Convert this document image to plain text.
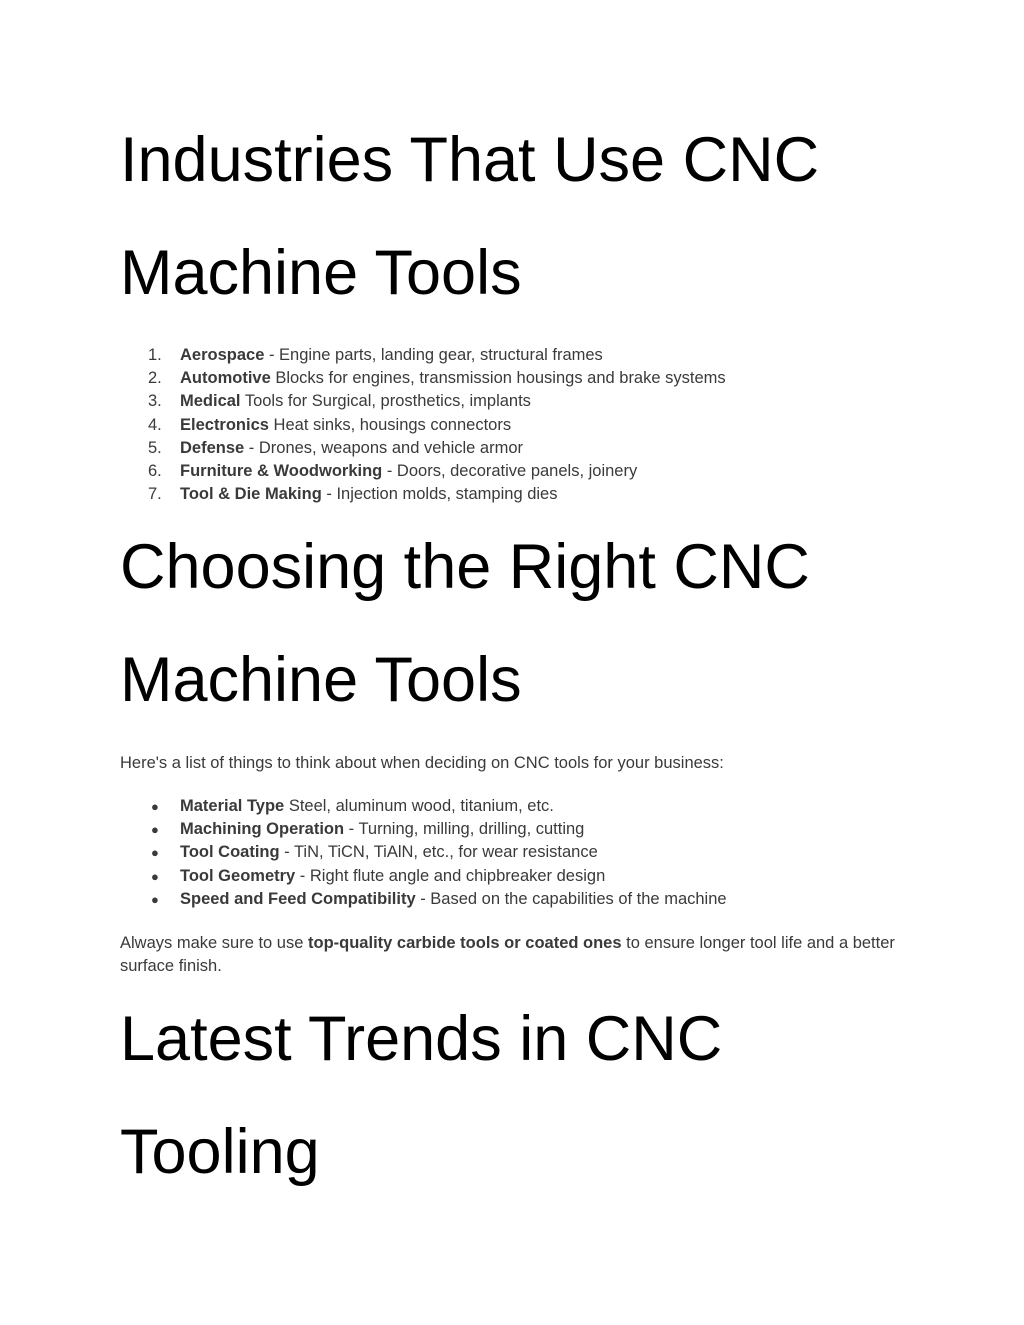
Industries That Use CNC
Machine Tools
1.	Aerospace - Engine parts, landing gear, structural frames
2.	Automotive Blocks for engines, transmission housings and brake systems
3.	Medical Tools for Surgical, prosthetics, implants
4.	Electronics Heat sinks, housings connectors
5.	Defense - Drones, weapons and vehicle armor
6.	Furniture & Woodworking - Doors, decorative panels, joinery
7.	Tool & Die Making - Injection molds, stamping dies
Choosing the Right CNC
Machine Tools

Here's a list of things to think about when deciding on CNC tools for your business:

● Material Type Steel, aluminum wood, titanium, etc.
● Machining Operation - Turning, milling, drilling, cutting
● Tool Coating - TiN, TiCN, TiAlN, etc., for wear resistance
● Tool Geometry - Right flute angle and chipbreaker design
● Speed and Feed Compatibility - Based on the capabilities of the machine

Always make sure to use top-quality carbide tools or coated ones to ensure longer tool life and a better surface finish.

Latest Trends in CNC
Tooling
